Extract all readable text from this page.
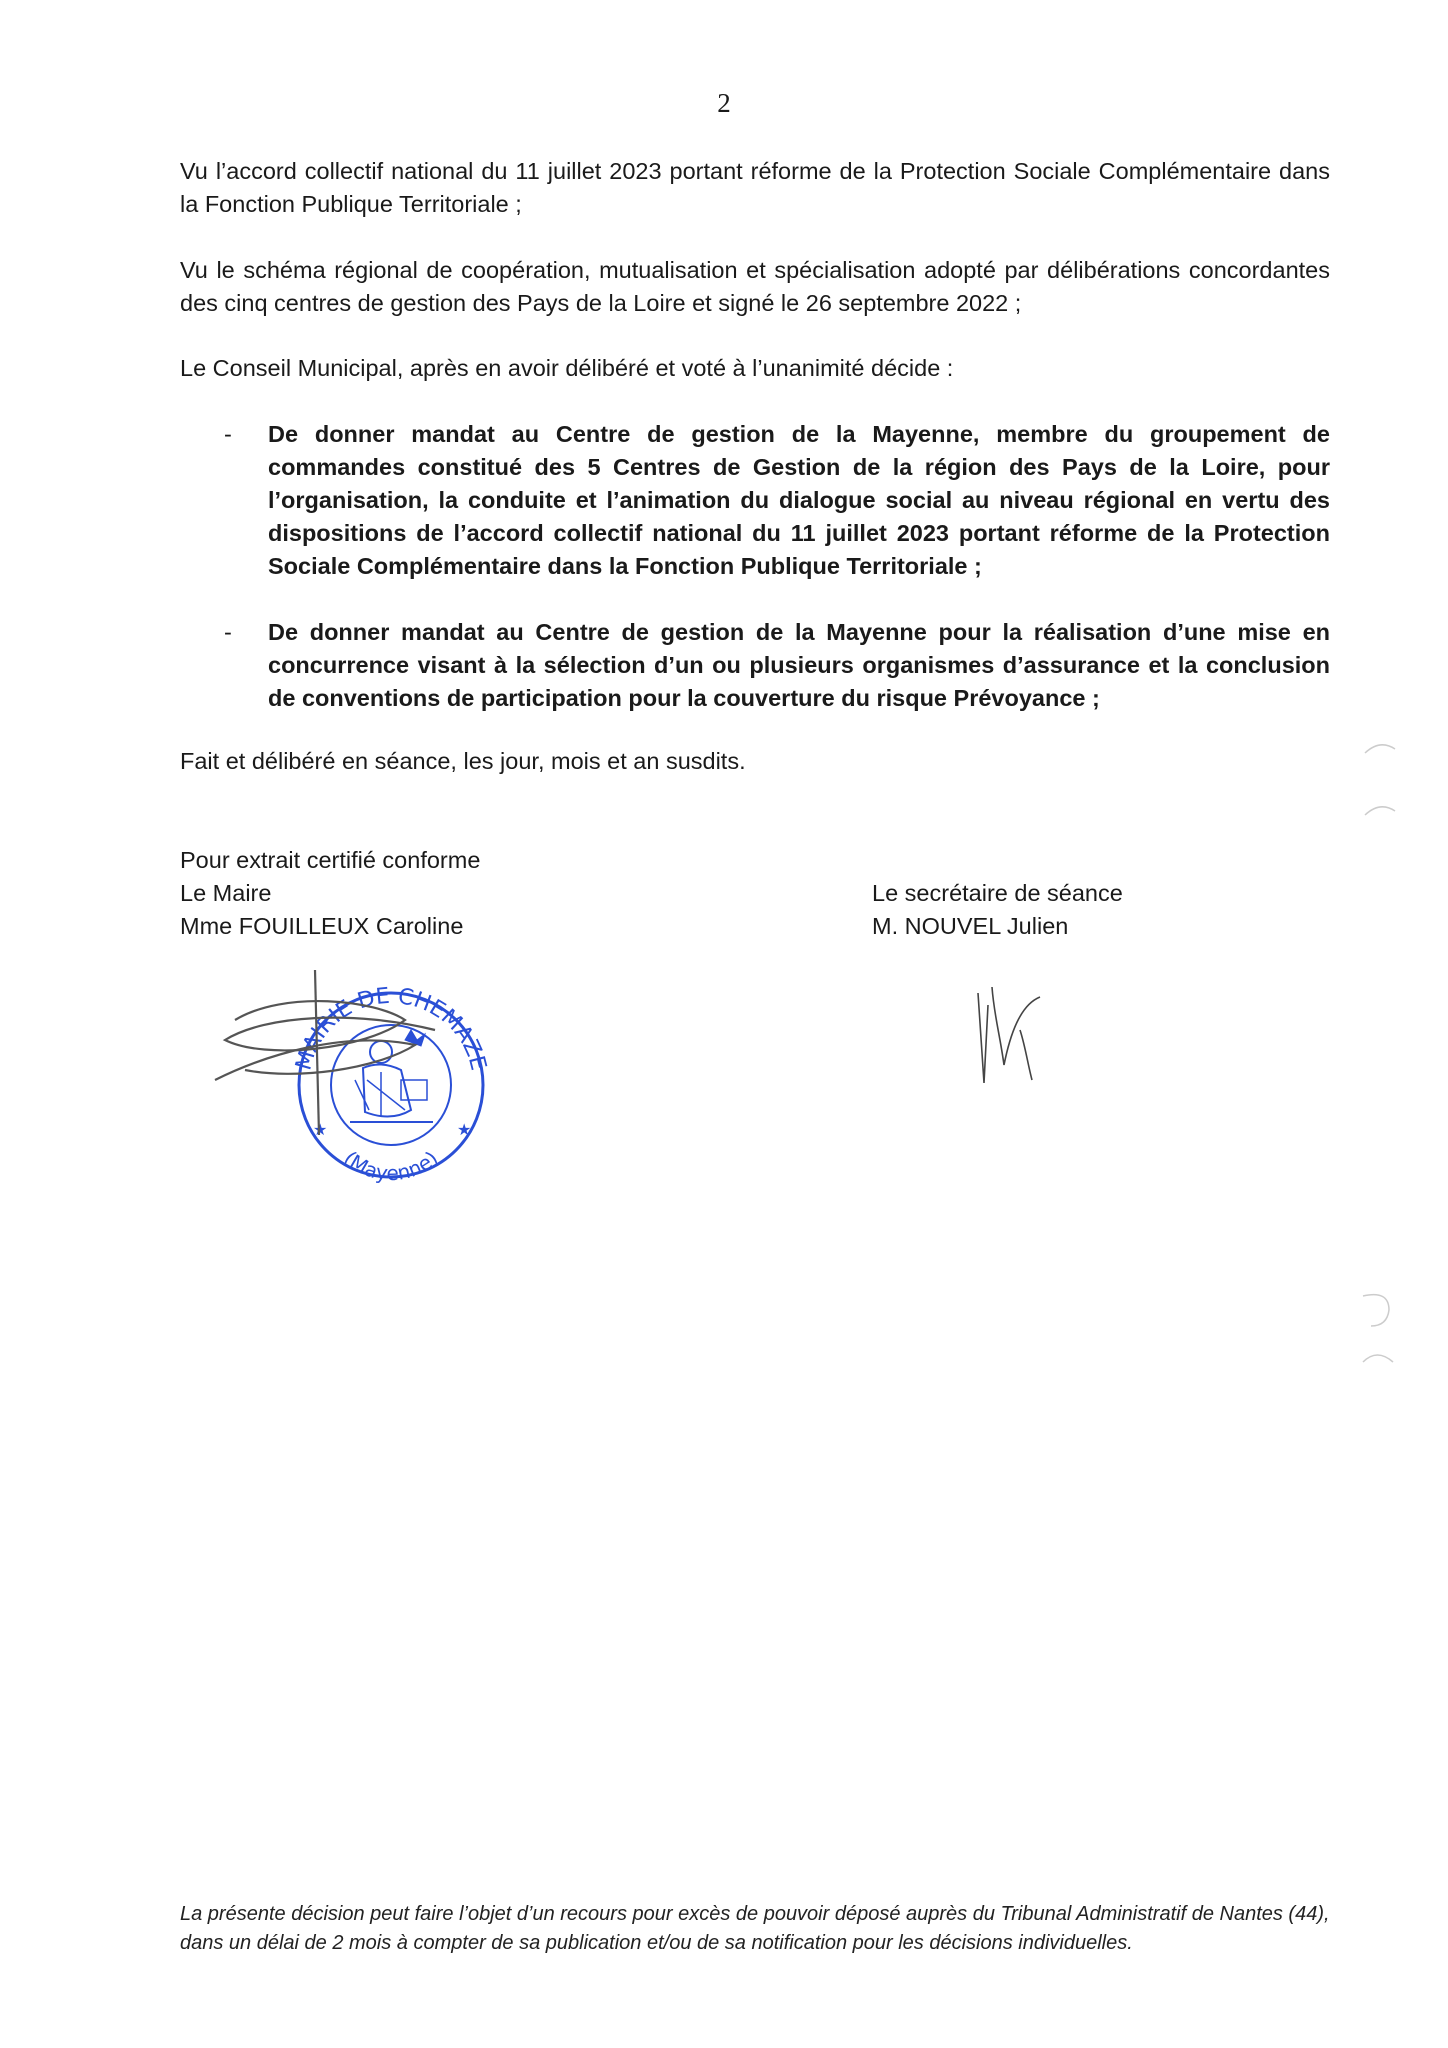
2

Vu l’accord collectif national du 11 juillet 2023 portant réforme de la Protection Sociale Complémentaire dans la Fonction Publique Territoriale ;

Vu le schéma régional de coopération, mutualisation et spécialisation adopté par délibérations concordantes des cinq centres de gestion des Pays de la Loire et signé le 26 septembre 2022 ;

Le Conseil Municipal, après en avoir délibéré et voté à l’unanimité décide :

- De donner mandat au Centre de gestion de la Mayenne, membre du groupement de commandes constitué des 5 Centres de Gestion de la région des Pays de la Loire, pour l’organisation, la conduite et l’animation du dialogue social au niveau régional en vertu des dispositions de l’accord collectif national du 11 juillet 2023 portant réforme de la Protection Sociale Complémentaire dans la Fonction Publique Territoriale ;
- De donner mandat au Centre de gestion de la Mayenne pour la réalisation d’une mise en concurrence visant à la sélection d’un ou plusieurs organismes d’assurance et la conclusion de conventions de participation pour la couverture du risque Prévoyance ;

Fait et délibéré en séance, les jour, mois et an susdits.

Pour extrait certifié conforme
Le Maire
Mme FOUILLEUX Caroline
Le secrétaire de séance
M. NOUVEL Julien
MAIRIE DE CHEMAZE
(Mayenne)
★	★
La présente décision peut faire l’objet d’un recours pour excès de pouvoir déposé auprès du Tribunal Administratif de Nantes (44), dans un délai de 2 mois à compter de sa publication et/ou de sa notification pour les décisions individuelles.
